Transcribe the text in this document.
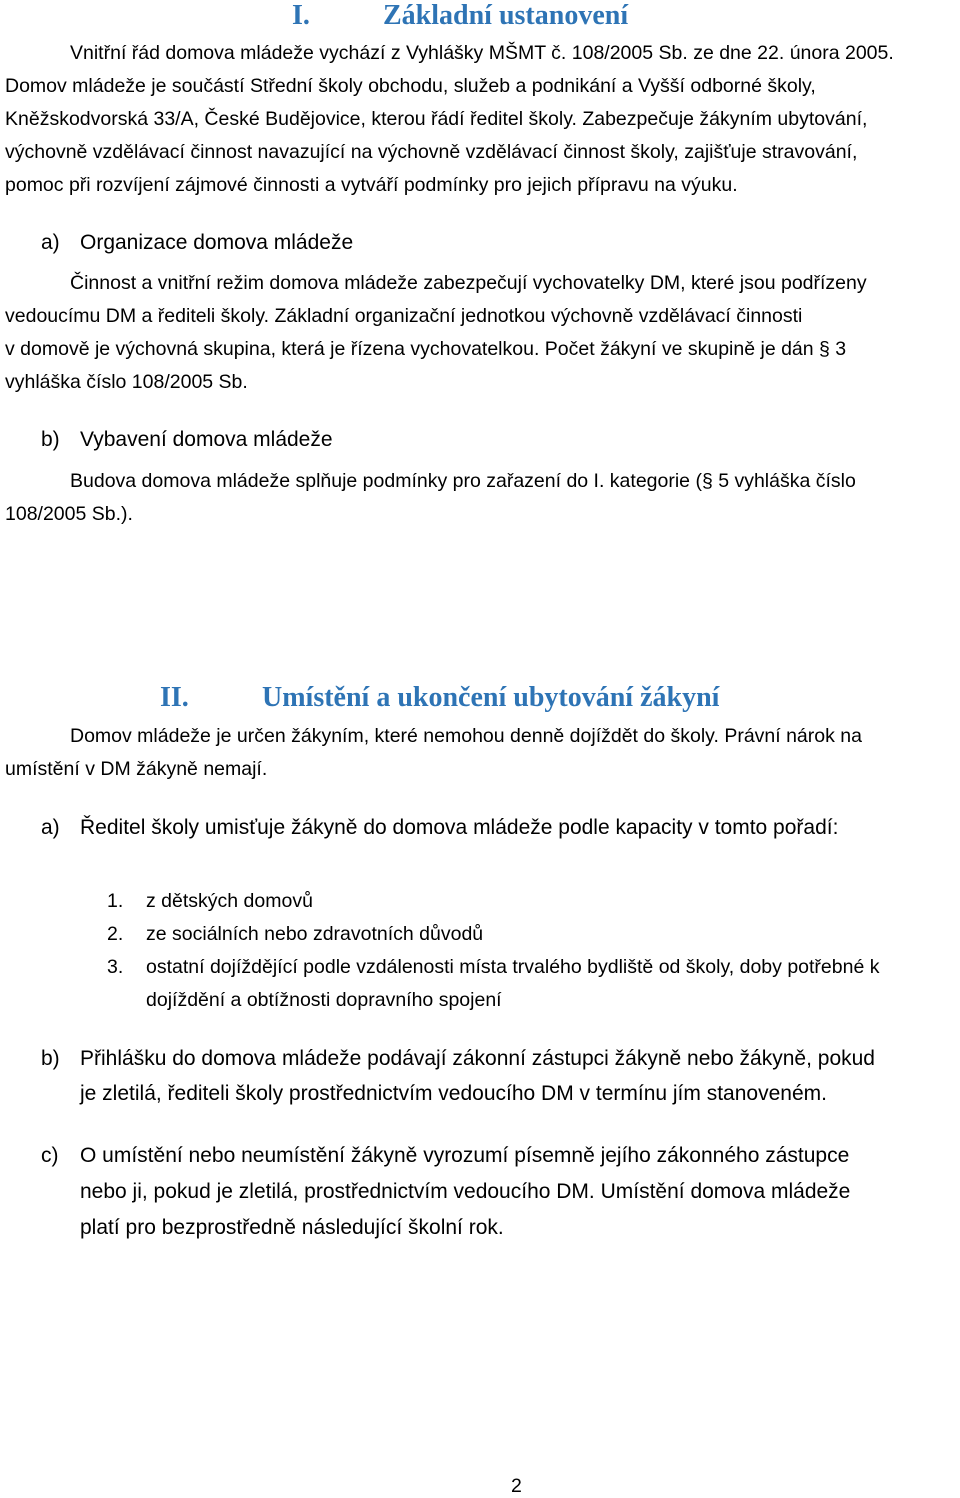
I.	Základní ustanovení
Vnitřní řád domova mládeže vychází z Vyhlášky MŠMT č. 108/2005 Sb. ze dne 22. února 2005.
Domov mládeže je součástí Střední školy obchodu, služeb a podnikání a Vyšší odborné školy,
Kněžskodvorská 33/A, České Budějovice, kterou řádí ředitel školy. Zabezpečuje žákyním ubytování,
výchovně vzdělávací činnost navazující na výchovně vzdělávací činnost školy, zajišťuje stravování,
pomoc při rozvíjení zájmové činnosti a vytváří podmínky pro jejich přípravu na výuku.
a) Organizace domova mládeže
Činnost a vnitřní režim domova mládeže zabezpečují vychovatelky DM, které jsou podřízeny
vedoucímu DM a řediteli školy. Základní organizační jednotkou výchovně vzdělávací činnosti
v domově je výchovná skupina, která je řízena vychovatelkou. Počet žákyní ve skupině je dán § 3
vyhláška číslo 108/2005 Sb.
b) Vybavení domova mládeže
Budova domova mládeže splňuje podmínky pro zařazení do I. kategorie (§ 5 vyhláška číslo
108/2005 Sb.).
II.	Umístění a ukončení ubytování žákyní
Domov mládeže je určen žákyním, které nemohou denně dojíždět do školy. Právní nárok na
umístění v DM žákyně nemají.
a) Ředitel školy umisťuje žákyně do domova mládeže podle kapacity v tomto pořadí:
1. z dětských domovů
2. ze sociálních nebo zdravotních důvodů
3. ostatní dojíždějící podle vzdálenosti místa trvalého bydliště od školy, doby potřebné k
dojíždění a obtížnosti dopravního spojení
b) Přihlášku do domova mládeže podávají zákonní zástupci žákyně nebo žákyně, pokud
je zletilá, řediteli školy prostřednictvím vedoucího DM v termínu jím stanoveném.
c) O umístění nebo neumístění žákyně vyrozumí písemně jejího zákonného zástupce
nebo ji, pokud je zletilá, prostřednictvím vedoucího DM. Umístění domova mládeže
platí pro bezprostředně následující školní rok.
2
